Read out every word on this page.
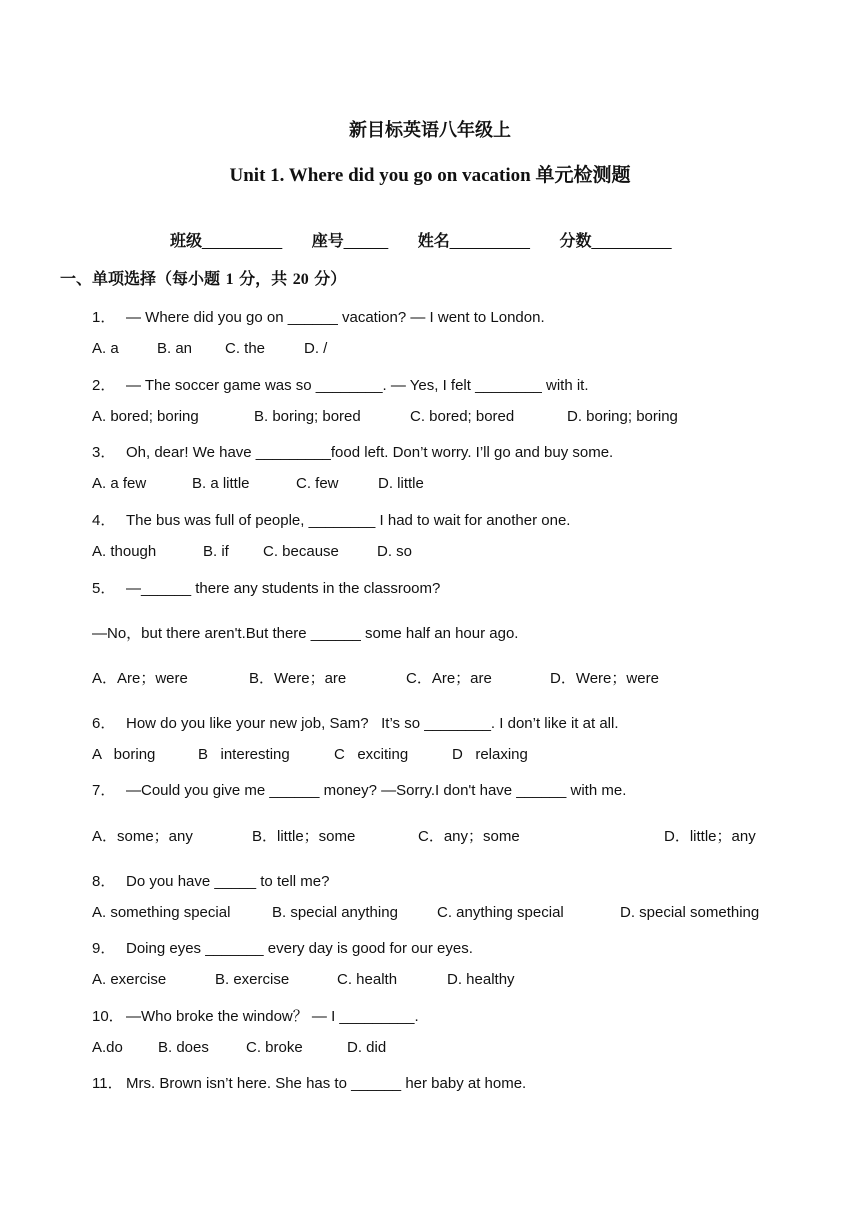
新目标英语八年级上
Unit 1. Where did you go on vacation 单元检测题
班级_________ 座号_____ 姓名_________ 分数_________
一、单项选择（每小题 1 分，共 20 分）
1． — Where did you go on ______ vacation? — I went to London.
A. a	B. an C. the	D. /
2． — The soccer game was so ________. — Yes, I felt ________ with it.
A. bored; boring	B. boring; bored	C. bored; bored	D. boring; boring
3． Oh, dear! We have _________food left. Don’t worry. I’ll go and buy some.
A. a few	B. a little	C. few	D. little
4． The bus was full of people, ________ I had to wait for another one.
A. though	B. if C. because	D. so
5． —______ there any students in the classroom?
—No，but there aren't.But there ______ some half an hour ago.
A．Are；were	B．Were；are	C．Are；are	D．Were；were
6． How do you like your new job, Sam?   It’s so ________. I don’t like it at all.
A   boring	B   interesting	C   exciting	D   relaxing
7． —Could you give me ______ money? —Sorry.I don't have ______ with me.
A．some；any	B．little；some	C．any；some	D．little；any
8． Do you have _____ to tell me?
A. something special	B. special anything	C. anything special	D. special something
9． Doing eyes _______ every day is good for our eyes.
A. exercise	B. exercise	C. health	D. healthy
10． —Who broke the window？ — I _________.
A.do B. does C. broke	D. did
11． Mrs. Brown isn’t here. She has to ______ her baby at home.
